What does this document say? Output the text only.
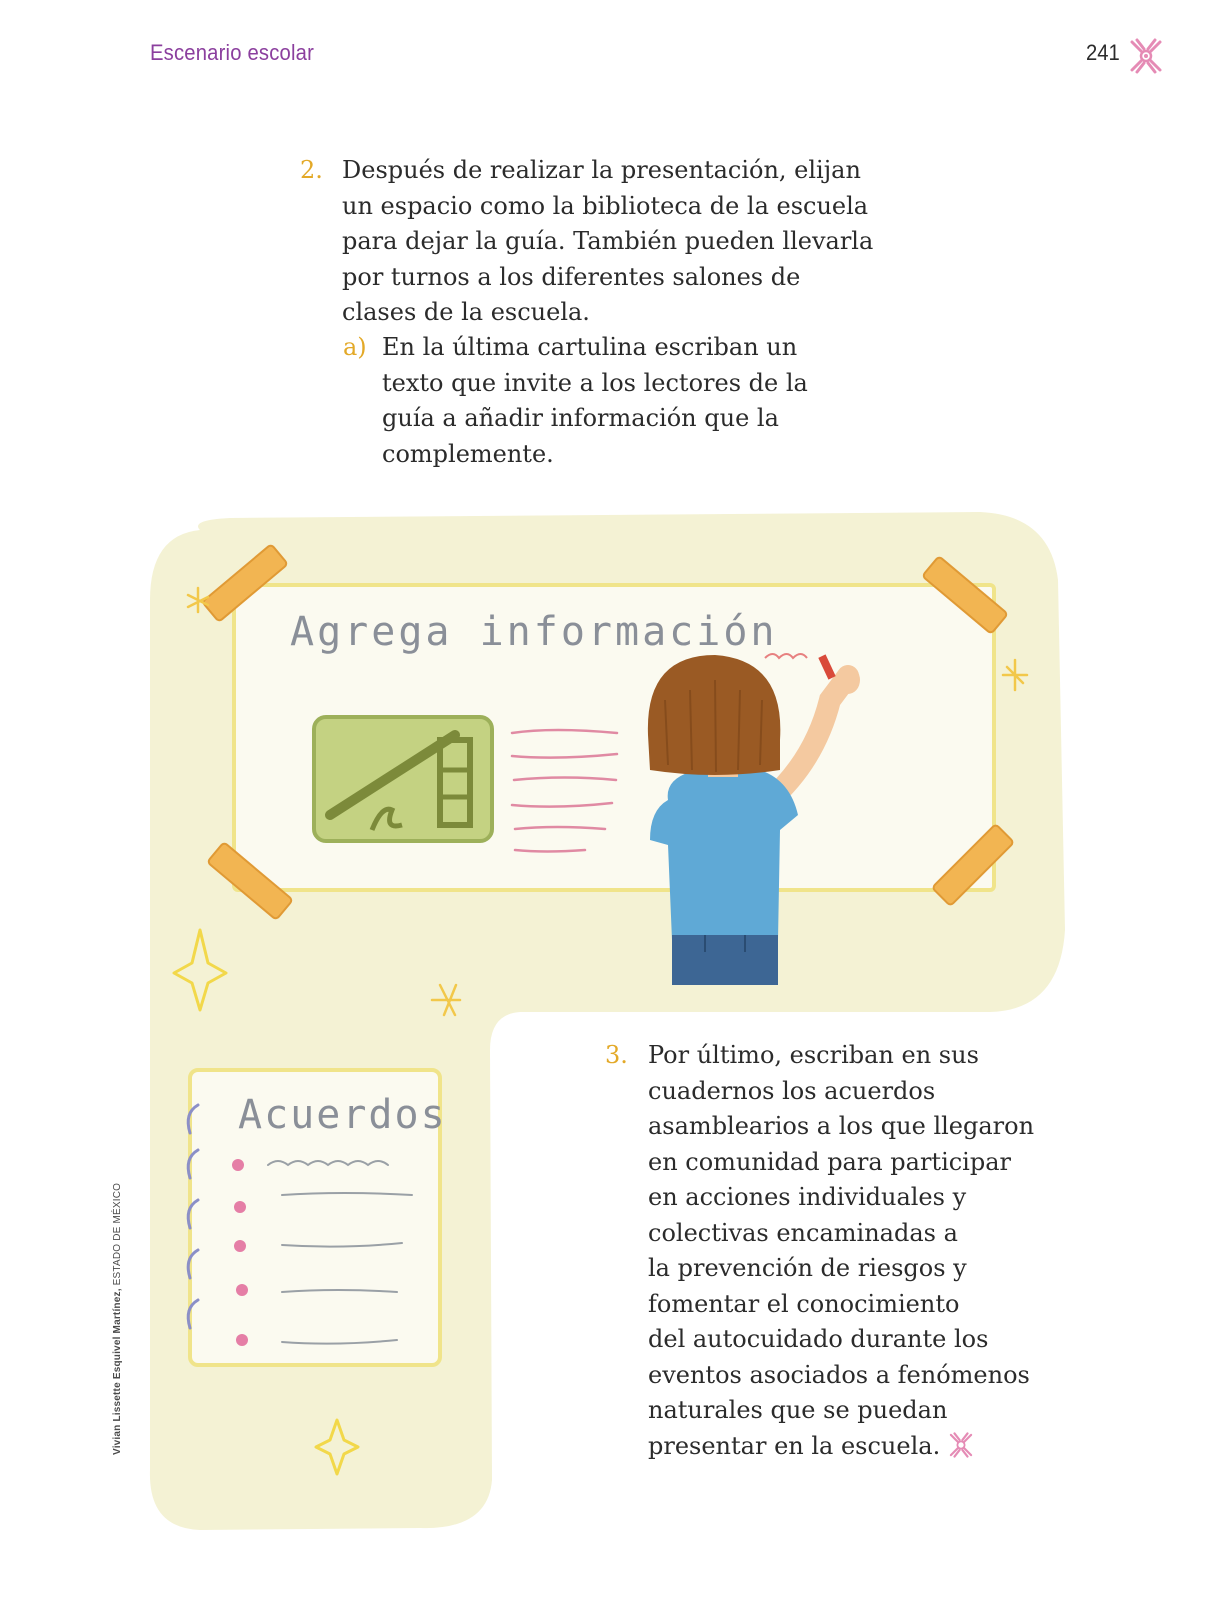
Escenario escolar	241
Agrega información
Acuerdos
2. Después de realizar la presentación, elijan
un espacio como la biblioteca de la escuela
para dejar la guía. También pueden llevarla
por turnos a los diferentes salones de
clases de la escuela.
a) En la última cartulina escriban un
texto que invite a los lectores de la
guía a añadir información que la
complemente.
3. Por último, escriban en sus
cuadernos los acuerdos
asamblearios a los que llegaron
en comunidad para participar
en acciones individuales y
colectivas encaminadas a
la prevención de riesgos y
fomentar el conocimiento
del autocuidado durante los
eventos asociados a fenómenos
naturales que se puedan
presentar en la escuela.
Vivian Lissette Esquivel Martínez, ESTADO DE MÉXICO
